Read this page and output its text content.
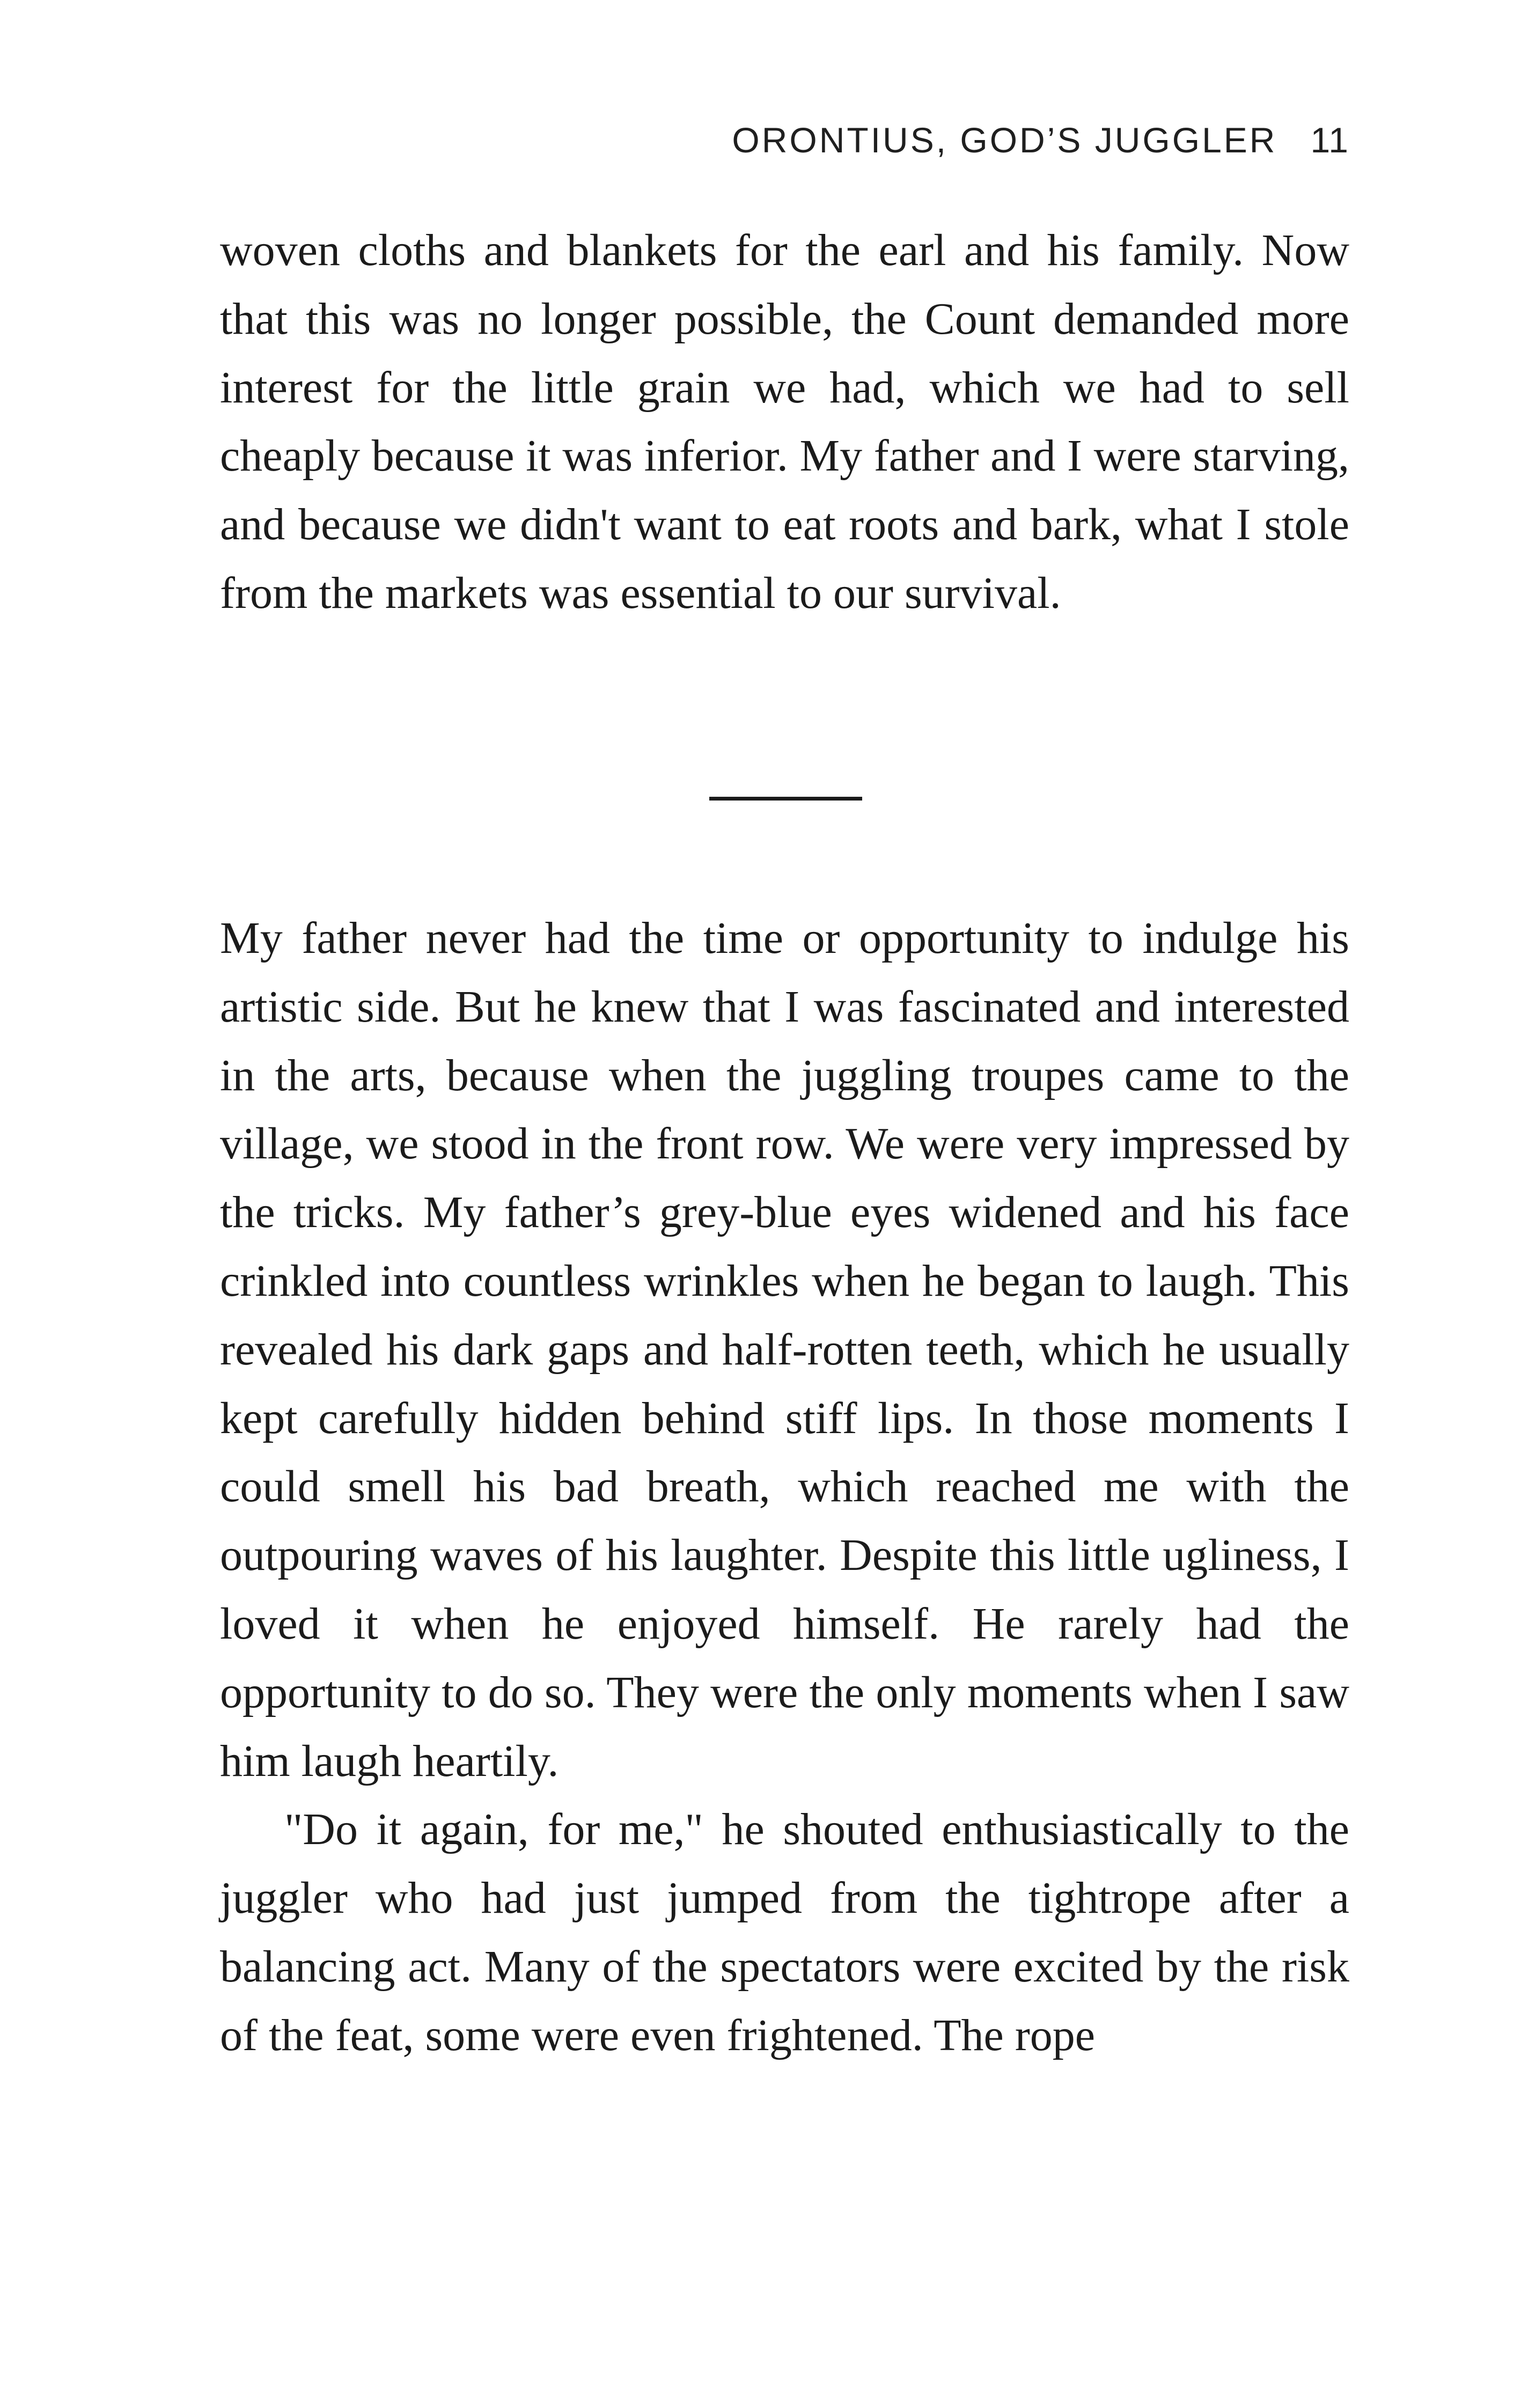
ORONTIUS, GOD’S JUGGLER 11

woven cloths and blankets for the earl and his family. Now that this was no longer possible, the Count demanded more interest for the little grain we had, which we had to sell cheaply because it was inferior. My father and I were starving, and because we didn't want to eat roots and bark, what I stole from the markets was essential to our survival.

My father never had the time or opportunity to indulge his artistic side. But he knew that I was fascinated and interested in the arts, because when the juggling troupes came to the village, we stood in the front row. We were very impressed by the tricks. My father’s grey-blue eyes widened and his face crinkled into countless wrinkles when he began to laugh. This revealed his dark gaps and half-rotten teeth, which he usually kept carefully hidden behind stiff lips. In those moments I could smell his bad breath, which reached me with the outpouring waves of his laughter. Despite this little ugliness, I loved it when he enjoyed himself. He rarely had the opportunity to do so. They were the only moments when I saw him laugh heartily.

"Do it again, for me," he shouted enthusiastically to the juggler who had just jumped from the tightrope after a balancing act. Many of the spectators were excited by the risk of the feat, some were even frightened. The rope
